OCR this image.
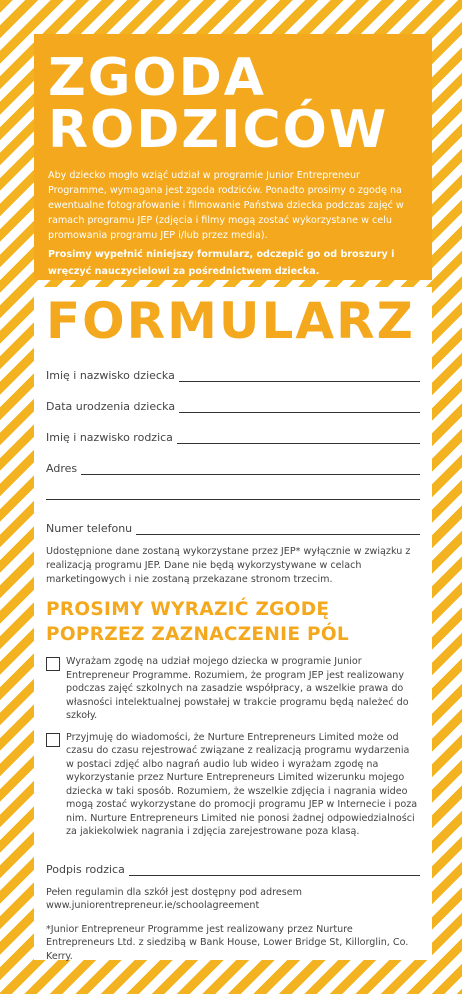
ZGODA
RODZICÓW
Aby dziecko mogło wziąć udział w programie Junior Entrepreneur Programme, wymagana jest zgoda rodziców. Ponadto prosimy o zgodę na ewentualne fotografowanie i filmowanie Państwa dziecka podczas zajęć w ramach programu JEP (zdjęcia i filmy mogą zostać wykorzystane w celu promowania programu JEP i/lub przez media).
Prosimy wypełnić niniejszy formularz, odczepić go od broszury i wręczyć nauczycielowi za pośrednictwem dziecka.
FORMULARZ
Imię i nazwisko dziecka
Data urodzenia dziecka
Imię i nazwisko rodzica
Adres
Numer telefonu
Udostępnione dane zostaną wykorzystane przez JEP* wyłącznie w związku z realizacją programu JEP. Dane nie będą wykorzystywane w celach marketingowych i nie zostaną przekazane stronom trzecim.
PROSIMY WYRAZIĆ ZGODĘ POPRZEZ ZAZNACZENIE PÓL
Wyrażam zgodę na udział mojego dziecka w programie Junior Entrepreneur Programme. Rozumiem, że program JEP jest realizowany podczas zajęć szkolnych na zasadzie współpracy, a wszelkie prawa do własności intelektualnej powstałej w trakcie programu będą należeć do szkoły.
Przyjmuję do wiadomości, że Nurture Entrepreneurs Limited może od czasu do czasu rejestrować związane z realizacją programu wydarzenia w postaci zdjęć albo nagrań audio lub wideo i wyrażam zgodę na wykorzystanie przez Nurture Entrepreneurs Limited wizerunku mojego dziecka w taki sposób. Rozumiem, że wszelkie zdjęcia i nagrania wideo mogą zostać wykorzystane do promocji programu JEP w Internecie i poza nim. Nurture Entrepreneurs Limited nie ponosi żadnej odpowiedzialności za jakiekolwiek nagrania i zdjęcia zarejestrowane poza klasą.
Podpis rodzica
Pełen regulamin dla szkół jest dostępny pod adresem www.juniorentrepreneur.ie/schoolagreement
*Junior Entrepreneur Programme jest realizowany przez Nurture Entrepreneurs Ltd. z siedzibą w Bank House, Lower Bridge St, Killorglin, Co. Kerry.
